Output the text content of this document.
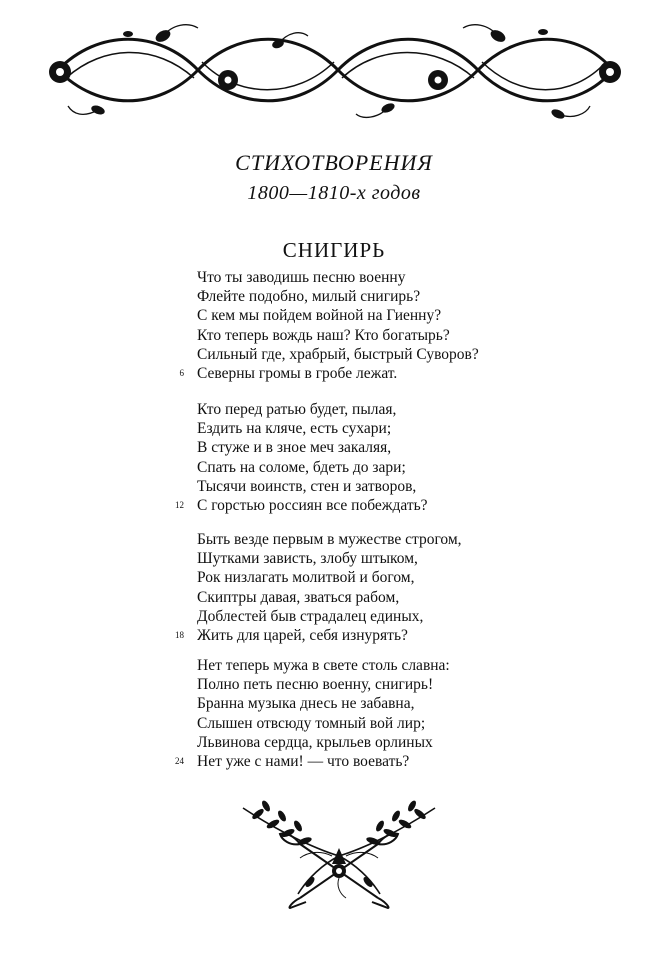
СТИХОТВОРЕНИЯ
1800—1810-х годов
СНИГИРЬ
Что ты заводишь песню военну
Флейте подобно, милый снигирь?
С кем мы пойдем войной на Гиенну?
Кто теперь вождь наш? Кто богатырь?
Сильный где, храбрый, быстрый Суворов?
6 Северны громы в гробе лежат.
Кто перед ратью будет, пылая,
Ездить на кляче, есть сухари;
В стуже и в зное меч закаляя,
Спать на соломе, бдеть до зари;
Тысячи воинств, стен и затворов,
12 С горстью россиян все побеждать?
Быть везде первым в мужестве строгом,
Шутками зависть, злобу штыком,
Рок низлагать молитвой и богом,
Скиптры давая, зваться рабом,
Доблестей быв страдалец единых,
18 Жить для царей, себя изнурять?
Нет теперь мужа в свете столь славна:
Полно петь песню военну, снигирь!
Бранна музыка днесь не забавна,
Слышен отвсюду томный вой лир;
Львинова сердца, крыльев орлиных
24 Нет уже с нами! — что воевать?
